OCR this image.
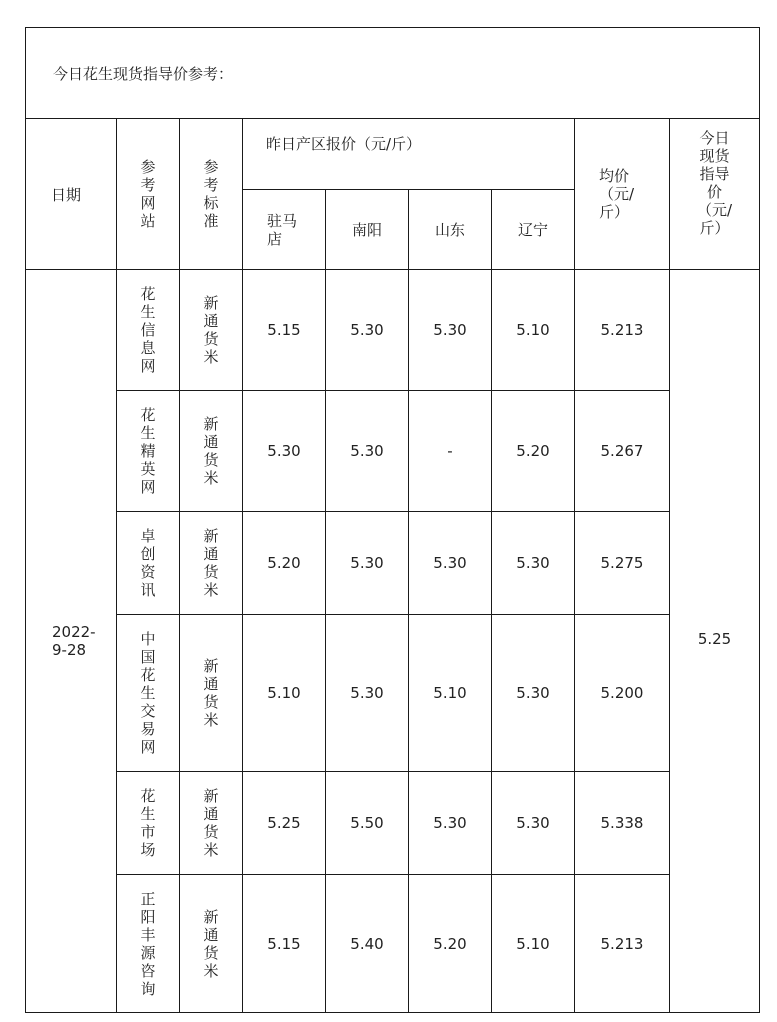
今日花生现货指导价参考：								
日期	参考网站	参考标准	昨日产区报价（元/斤）				均价（元/斤）	今日现货指导价（元/斤）

			驻马店	南阳	山东	辽宁		

2022-9-28	花生信息网	新通货米	5.15	5.30	5.30	5.10	5.213	5.25

	花生精英网	新通货米	5.30	5.30	-	5.20	5.267	

	卓创资讯	新通货米	5.20	5.30	5.30	5.30	5.275	

	中国花生交易网	新通货米	5.10	5.30	5.10	5.30	5.200	

	花生市场	新通货米	5.25	5.50	5.30	5.30	5.338	

	正阳丰源咨询	新通货米	5.15	5.40	5.20	5.10	5.213	
